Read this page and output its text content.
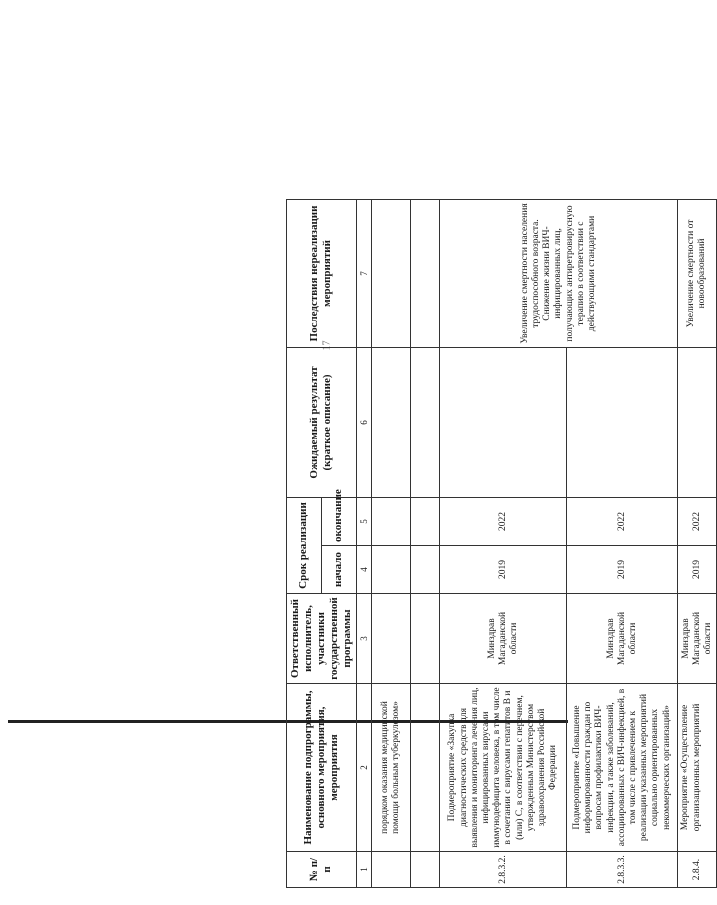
17
№ п/п	Наименование подпрограммы, основного мероприятия, мероприятия	Ответственный исполнитель, участники государственной программы	Срок реализации		Ожидаемый результат (краткое описание)	Последствия нереализации мероприятий
			начало	окончание		
1	2	3	4	5	6	7
	порядком оказания медицинской помощи больным туберкулезом»					

2.8.3.2.	Подмероприятие «Закупка диагностических средств для выявления и мониторинга лечения лиц, инфицированных вирусами иммунодефицита человека, в том числе в сочетании с вирусами гепатитов B и (или) C, в соответствии с перечнем, утвержденным Министерством здравоохранения Российской Федерации	Минздрав Магаданской области	2019	2022		Увеличение смертности населения трудоспособного возраста. Снижение жизни ВИЧ-инфицированных лиц, получающих антиретровирусную терапию в соответствии с действующими стандартами
2.8.3.3.	Подмероприятие «Повышение информированности граждан по вопросам профилактики ВИЧ-инфекции, а также заболеваний, ассоциированных с ВИЧ-инфекцией, в том числе с привлечением к реализации указанных мероприятий социально ориентированных некоммерческих организаций»	Минздрав Магаданской области	2019	2022		
2.8.4.	Мероприятие «Осуществление организационных мероприятий	Минздрав Магаданской области	2019	2022		Увеличение смертности от новообразований
